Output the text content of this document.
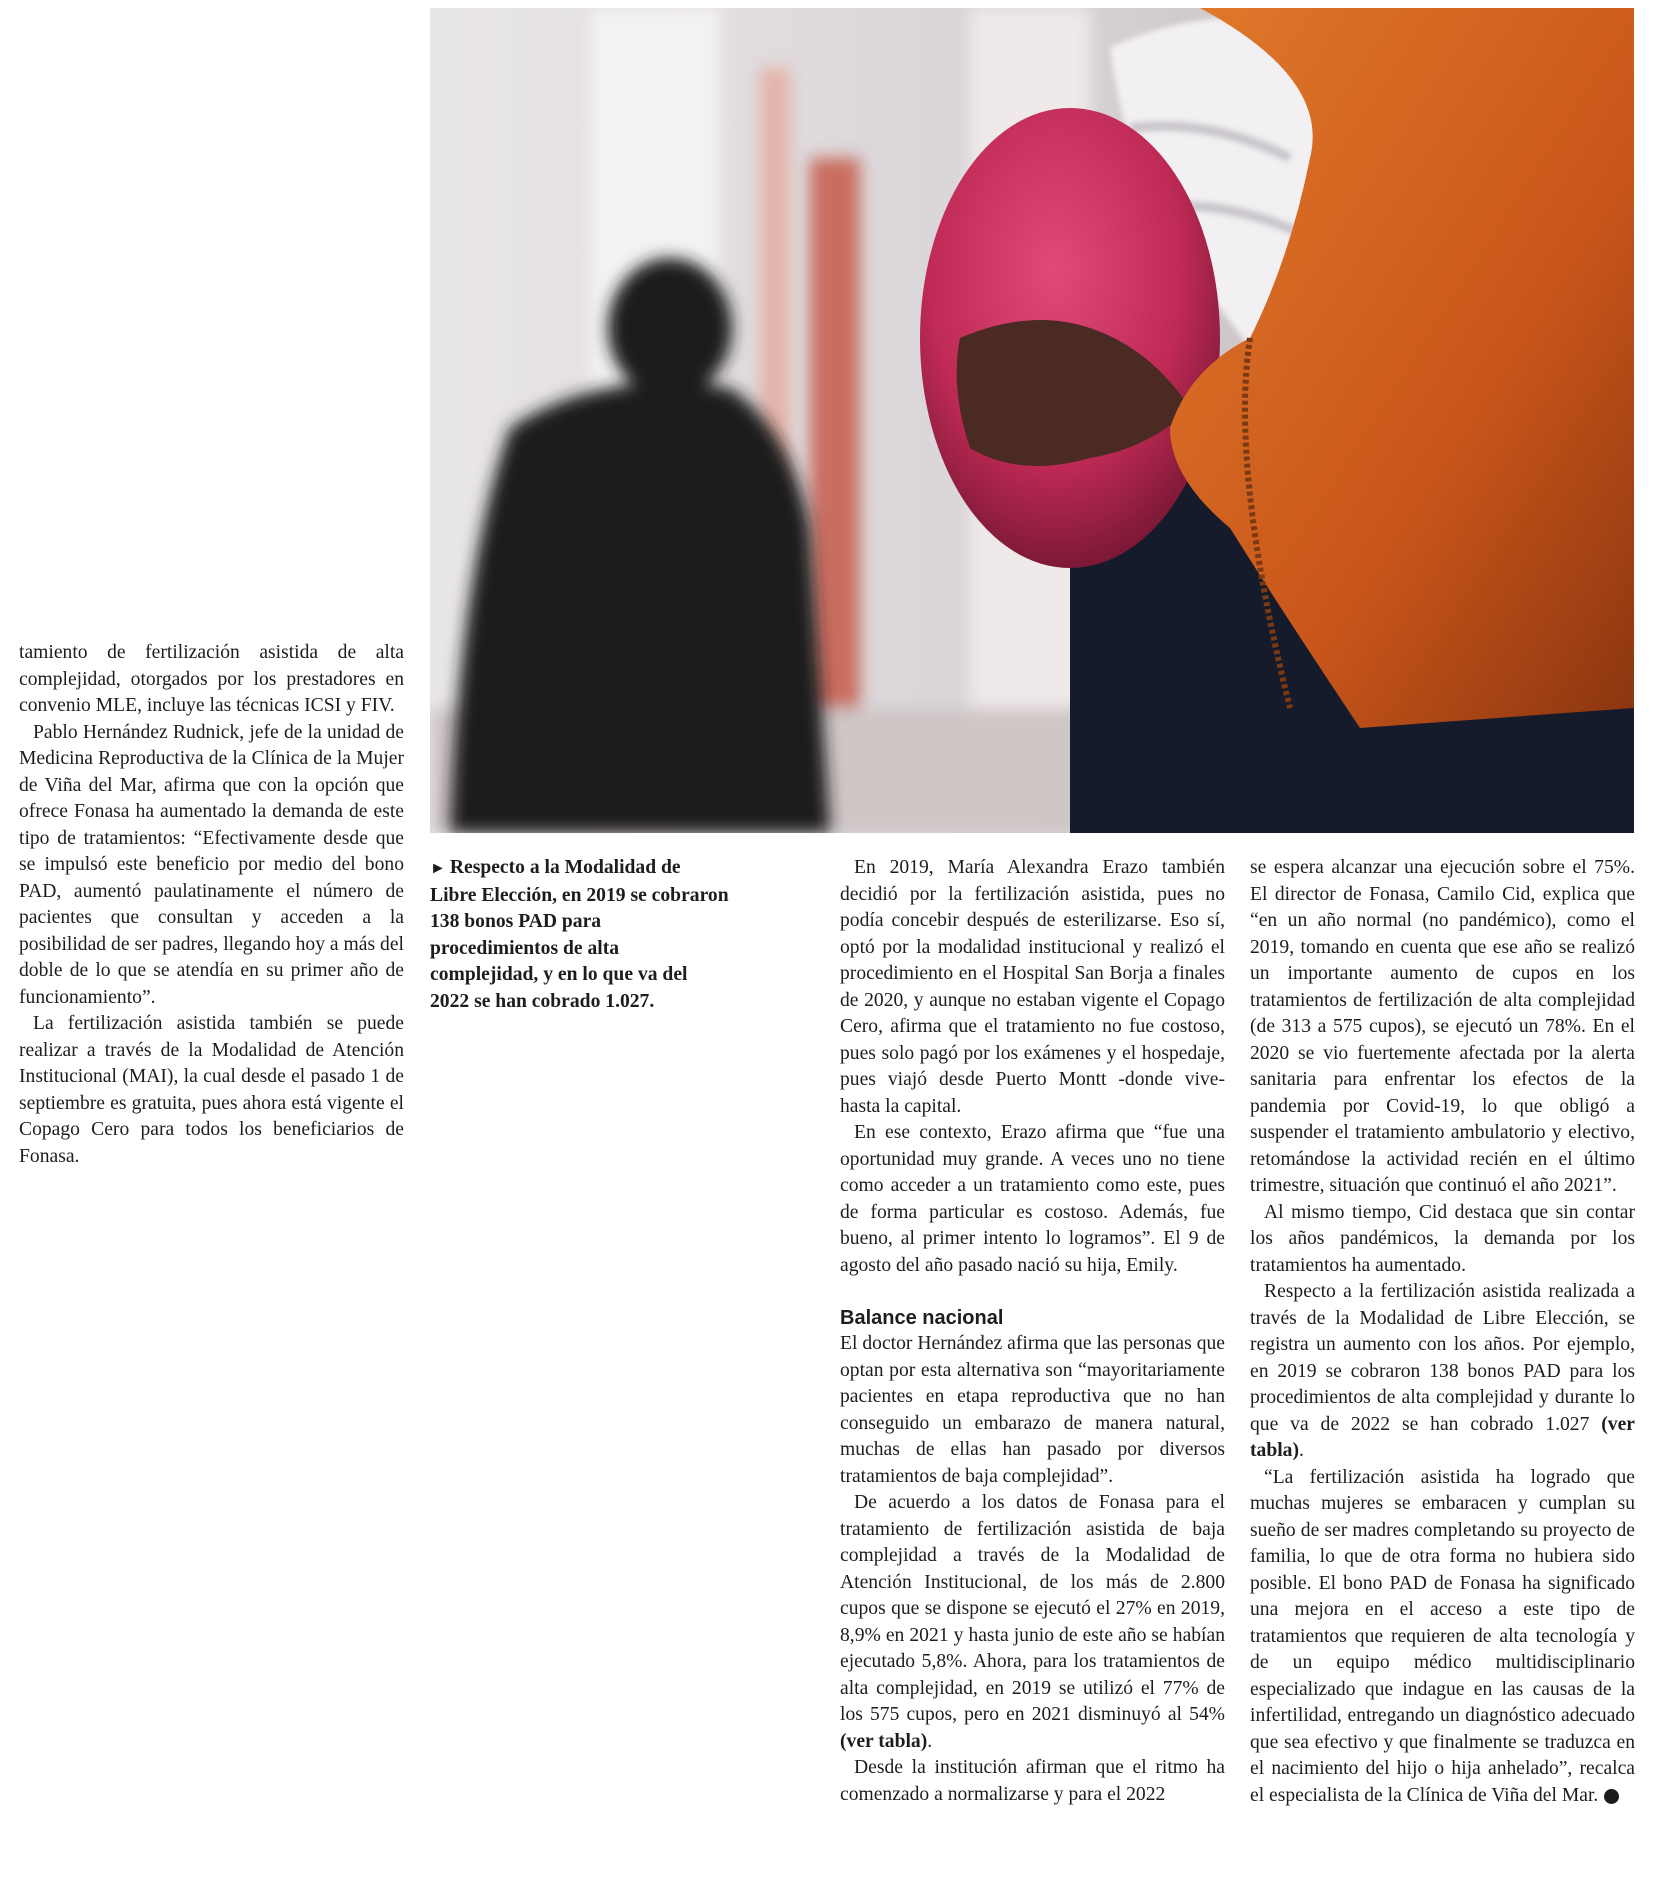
tamiento de fertilización asistida de alta complejidad, otorgados por los prestadores en convenio MLE, incluye las técnicas ICSI y FIV.

Pablo Hernández Rudnick, jefe de la unidad de Medicina Reproductiva de la Clínica de la Mujer de Viña del Mar, afirma que con la opción que ofrece Fonasa ha aumentado la demanda de este tipo de tratamientos: “Efectivamente desde que se impulsó este beneficio por medio del bono PAD, aumentó paulatinamente el número de pacientes que consultan y acceden a la posibilidad de ser padres, llegando hoy a más del doble de lo que se atendía en su primer año de funcionamiento”.

La fertilización asistida también se puede realizar a través de la Modalidad de Atención Institucional (MAI), la cual desde el pasado 1 de septiembre es gratuita, pues ahora está vigente el Copago Cero para todos los beneficiarios de Fonasa.

► Respecto a la Modalidad de Libre Elección, en 2019 se cobraron 138 bonos PAD para procedimientos de alta complejidad, y en lo que va del 2022 se han cobrado 1.027.

En 2019, María Alexandra Erazo también decidió por la fertilización asistida, pues no podía concebir después de esterilizarse. Eso sí, optó por la modalidad institucional y realizó el procedimiento en el Hospital San Borja a finales de 2020, y aunque no estaban vigente el Copago Cero, afirma que el tratamiento no fue costoso, pues solo pagó por los exámenes y el hospedaje, pues viajó desde Puerto Montt -donde vive- hasta la capital.

En ese contexto, Erazo afirma que “fue una oportunidad muy grande. A veces uno no tiene como acceder a un tratamiento como este, pues de forma particular es costoso. Además, fue bueno, al primer intento lo logramos”. El 9 de agosto del año pasado nació su hija, Emily.

Balance nacional

El doctor Hernández afirma que las personas que optan por esta alternativa son “mayoritariamente pacientes en etapa reproductiva que no han conseguido un embarazo de manera natural, muchas de ellas han pasado por diversos tratamientos de baja complejidad”.

De acuerdo a los datos de Fonasa para el tratamiento de fertilización asistida de baja complejidad a través de la Modalidad de Atención Institucional, de los más de 2.800 cupos que se dispone se ejecutó el 27% en 2019, 8,9% en 2021 y hasta junio de este año se habían ejecutado 5,8%. Ahora, para los tratamientos de alta complejidad, en 2019 se utilizó el 77% de los 575 cupos, pero en 2021 disminuyó al 54%(ver tabla).

Desde la institución afirman que el ritmo ha comenzado a normalizarse y para el 2022

se espera alcanzar una ejecución sobre el 75%. El director de Fonasa, Camilo Cid, explica que “en un año normal (no pandémico), como el 2019, tomando en cuenta que ese año se realizó un importante aumento de cupos en los tratamientos de fertilización de alta complejidad (de 313 a 575 cupos), se ejecutó un 78%. En el 2020 se vio fuertemente afectada por la alerta sanitaria para enfrentar los efectos de la pandemia por Covid-19, lo que obligó a suspender el tratamiento ambulatorio y electivo, retomándose la actividad recién en el último trimestre, situación que continuó el año 2021”.

Al mismo tiempo, Cid destaca que sin contar los años pandémicos, la demanda por los tratamientos ha aumentado.

Respecto a la fertilización asistida realizada a través de la Modalidad de Libre Elección, se registra un aumento con los años. Por ejemplo, en 2019 se cobraron 138 bonos PAD para los procedimientos de alta complejidad y durante lo que va de 2022 se han cobrado 1.027 (ver tabla).

“La fertilización asistida ha logrado que muchas mujeres se embaracen y cumplan su sueño de ser madres completando su proyecto de familia, lo que de otra forma no hubiera sido posible. El bono PAD de Fonasa ha significado una mejora en el acceso a este tipo de tratamientos que requieren de alta tecnología y de un equipo médico multidisciplinario especializado que indague en las causas de la infertilidad, entregando un diagnóstico adecuado que sea efectivo y que finalmente se traduzca en el nacimiento del hijo o hija anhelado”, recalca el especialista de la Clínica de Viña del Mar.
